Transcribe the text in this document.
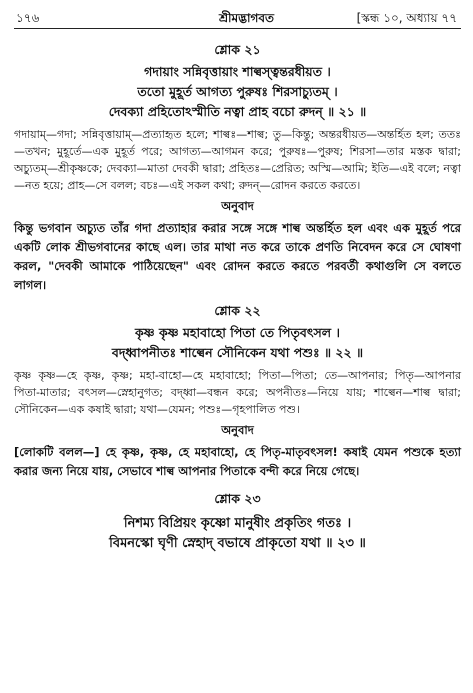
১৭৬	শ্রীমদ্ভাগবত	[স্কন্ধ ১০, অধ্যায় ৭৭

শ্লোক ২১

গদায়াং সন্নিবৃত্তায়াং শাল্বস্ত্বন্তরধীয়ত ।

ততো মুহূর্ত আগত্য পুরুষঃ শিরসাচ্যুতম্‌ ।

দেবক্যা প্রহিতোঽস্মীতি নত্বা প্রাহ বচো রুদন্‌ ॥ ২১ ॥

গদায়াম্‌—গদা; সন্নিবৃত্তায়াম্‌—প্রত্যাহৃত হলে; শাল্বঃ—শাল্ব; তু—কিন্তু; অন্তরধীয়ত—অন্তর্হিত হল; ততঃ—তখন; মুহূর্তে—এক মুহূর্ত পরে; আগত্য—আগমন করে; পুরুষঃ—পুরুষ; শিরসা—তার মস্তক দ্বারা; অচ্যুতম্‌—শ্রীকৃষ্ণকে; দেবক্যা—মাতা দেবকী দ্বারা; প্রহিতঃ—প্রেরিত; অস্মি—আমি; ইতি—এই বলে; নত্বা—নত হয়ে; প্রাহ—সে বলল; বচঃ—এই সকল কথা; রুদন্‌—রোদন করতে করতে।

অনুবাদ

কিন্তু ভগবান অচ্যুত তাঁর গদা প্রত্যাহার করার সঙ্গে সঙ্গে শাল্ব অন্তর্হিত হল এবং এক মুহূর্ত পরে একটি লোক শ্রীভগবানের কাছে এল। তার মাথা নত করে তাকে প্রণতি নিবেদন করে সে ঘোষণা করল, "দেবকী আমাকে পাঠিয়েছেন" এবং রোদন করতে করতে পরবর্তী কথাগুলি সে বলতে লাগল।

শ্লোক ২২

কৃষ্ণ কৃষ্ণ মহাবাহো পিতা তে পিতৃবৎসল ।

বদ্ধ্বাপনীতঃ শাল্বেন সৌনিকেন যথা পশুঃ ॥ ২২ ॥

কৃষ্ণ কৃষ্ণ—হে কৃষ্ণ, কৃষ্ণ; মহা-বাহো—হে মহাবাহো; পিতা—পিতা; তে—আপনার; পিতৃ—আপনার পিতা-মাতার; বৎসল—স্নেহানুগত; বদ্ধ্বা—বন্ধন করে; অপনীতঃ—নিয়ে যায়; শাল্বেন—শাল্ব দ্বারা; সৌনিকেন—এক কষাই দ্বারা; যথা—যেমন; পশুঃ—গৃহপালিত পশু।

অনুবাদ

[লোকটি বলল—] হে কৃষ্ণ, কৃষ্ণ, হে মহাবাহো, হে পিতৃ-মাতৃবৎসল! কষাই যেমন পশুকে হত্যা করার জন্য নিয়ে যায়, সেভাবে শাল্ব আপনার পিতাকে বন্দী করে নিয়ে গেছে।

শ্লোক ২৩

নিশম্য বিপ্রিয়ং কৃষ্ণো মানুষীং প্রকৃতিং গতঃ ।

বিমনস্কো ঘৃণী স্নেহাদ্‌ বভাষে প্রাকৃতো যথা ॥ ২৩ ॥
